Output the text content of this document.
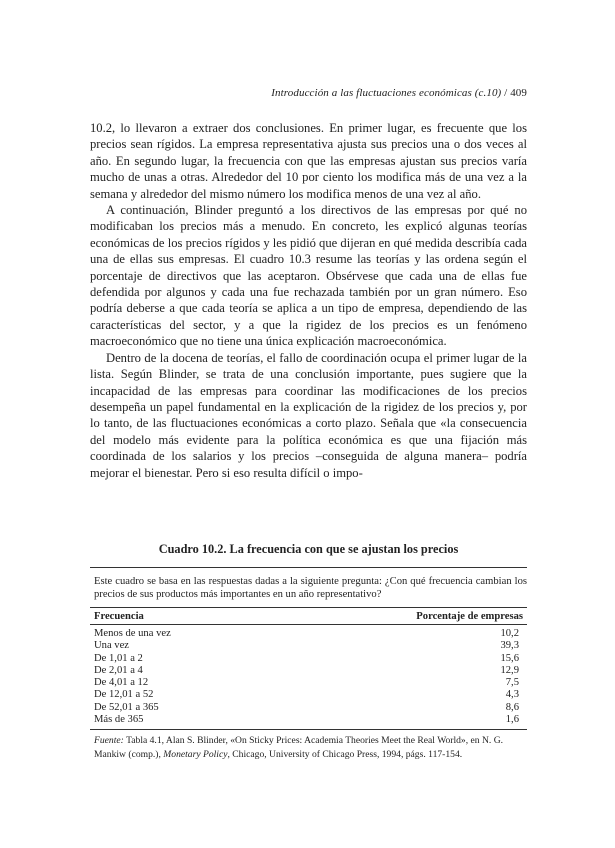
Introducción a las fluctuaciones económicas (c.10) / 409

10.2, lo llevaron a extraer dos conclusiones. En primer lugar, es frecuente que los precios sean rígidos. La empresa representativa ajusta sus precios una o dos veces al año. En segundo lugar, la frecuencia con que las empresas ajustan sus precios varía mucho de unas a otras. Alrededor del 10 por ciento los modifica más de una vez a la semana y alrededor del mismo número los modifica menos de una vez al año.

A continuación, Blinder preguntó a los directivos de las empresas por qué no modificaban los precios más a menudo. En concreto, les explicó algunas teorías económicas de los precios rígidos y les pidió que dijeran en qué medida describía cada una de ellas sus empresas. El cuadro 10.3 resume las teorías y las ordena según el porcentaje de directivos que las aceptaron. Obsérvese que cada una de ellas fue defendida por algunos y cada una fue rechazada también por un gran número. Eso podría deberse a que cada teoría se aplica a un tipo de empresa, dependiendo de las características del sector, y a que la rigidez de los precios es un fenómeno macroeconómico que no tiene una única explicación macroeconómica.

Dentro de la docena de teorías, el fallo de coordinación ocupa el primer lugar de la lista. Según Blinder, se trata de una conclusión importante, pues sugiere que la incapacidad de las empresas para coordinar las modificaciones de los precios desempeña un papel fundamental en la explicación de la rigidez de los precios y, por lo tanto, de las fluctuaciones económicas a corto plazo. Señala que «la consecuencia del modelo más evidente para la política económica es que una fijación más coordinada de los salarios y los precios –conseguida de alguna manera– podría mejorar el bienestar. Pero si eso resulta difícil o impo-

Cuadro 10.2. La frecuencia con que se ajustan los precios
Este cuadro se basa en las respuestas dadas a la siguiente pregunta: ¿Con qué frecuencia cambian los precios de sus productos más importantes en un año representativo?
Frecuencia	Porcentaje de empresas
Menos de una vez	10,2
Una vez	39,3
De 1,01 a 2	15,6
De 2,01 a 4	12,9
De 4,01 a 12	7,5
De 12,01 a 52	4,3
De 52,01 a 365	8,6
Más de 365	1,6
Fuente: Tabla 4.1, Alan S. Blinder, «On Sticky Prices: Academia Theories Meet the Real World», en N. G. Mankiw (comp.), Monetary Policy, Chicago, University of Chicago Press, 1994, págs. 117-154.
